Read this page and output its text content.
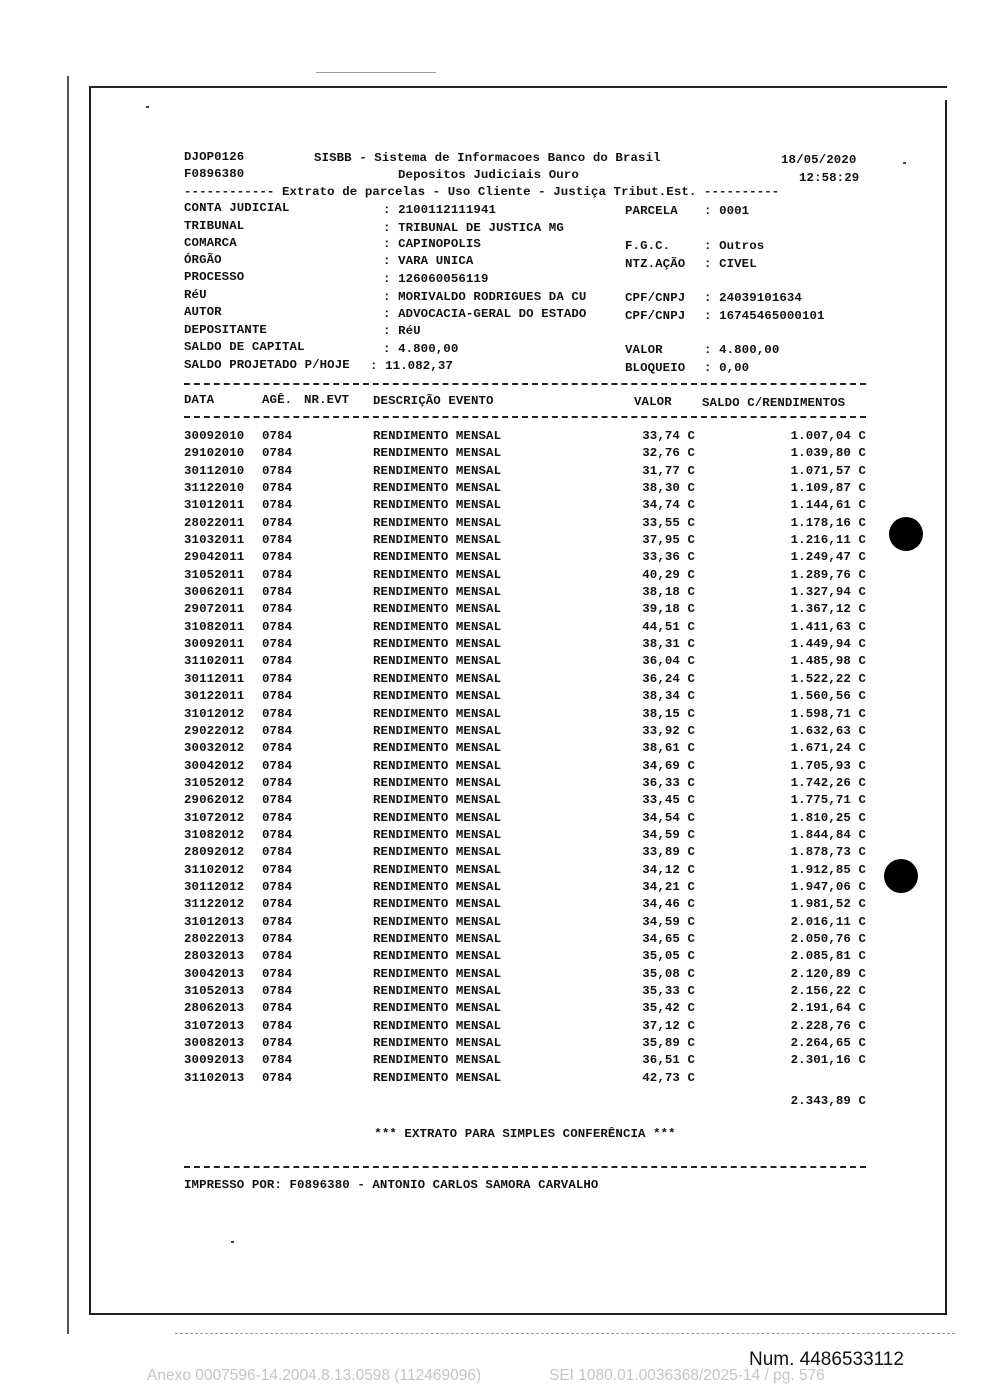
DJOP0126	SISBB - Sistema de Informacoes Banco do Brasil	18/05/2020
F0896380	Depositos Judiciais Ouro	12:58:29
------------ Extrato de parcelas - Uso Cliente - Justiça Tribut.Est. ----------
CONTA JUDICIAL	: 2100112111941	PARCELA : 0001
TRIBUNAL	: TRIBUNAL DE JUSTICA MG
COMARCA	: CAPINOPOLIS	F.G.C.	: Outros
ÓRGÃO	: VARA UNICA	NTZ.AÇÃO : CIVEL
PROCESSO	: 126060056119
RéU	: MORIVALDO RODRIGUES DA CU	CPF/CNPJ : 24039101634
AUTOR	: ADVOCACIA-GERAL DO ESTADO	CPF/CNPJ : 16745465000101
DEPOSITANTE	: RéU
SALDO DE CAPITAL	: 4.800,00	VALOR	: 4.800,00
SALDO PROJETADO P/HOJE : 11.082,37	BLOQUEIO : 0,00
DATA	AGÊ. NR.EVT DESCRIÇÃO EVENTO	VALOR SALDO C/RENDIMENTOS
30092010 0784	RENDIMENTO MENSAL	33,74 C	1.007,04 C
29102010 0784	RENDIMENTO MENSAL	32,76 C	1.039,80 C
30112010 0784	RENDIMENTO MENSAL	31,77 C	1.071,57 C
31122010 0784	RENDIMENTO MENSAL	38,30 C	1.109,87 C
31012011 0784	RENDIMENTO MENSAL	34,74 C	1.144,61 C
28022011 0784	RENDIMENTO MENSAL	33,55 C	1.178,16 C
31032011 0784	RENDIMENTO MENSAL	37,95 C	1.216,11 C
29042011 0784	RENDIMENTO MENSAL	33,36 C	1.249,47 C
31052011 0784	RENDIMENTO MENSAL	40,29 C	1.289,76 C
30062011 0784	RENDIMENTO MENSAL	38,18 C	1.327,94 C
29072011 0784	RENDIMENTO MENSAL	39,18 C	1.367,12 C
31082011 0784	RENDIMENTO MENSAL	44,51 C	1.411,63 C
30092011 0784	RENDIMENTO MENSAL	38,31 C	1.449,94 C
31102011 0784	RENDIMENTO MENSAL	36,04 C	1.485,98 C
30112011 0784	RENDIMENTO MENSAL	36,24 C	1.522,22 C
30122011 0784	RENDIMENTO MENSAL	38,34 C	1.560,56 C
31012012 0784	RENDIMENTO MENSAL	38,15 C	1.598,71 C
29022012 0784	RENDIMENTO MENSAL	33,92 C	1.632,63 C
30032012 0784	RENDIMENTO MENSAL	38,61 C	1.671,24 C
30042012 0784	RENDIMENTO MENSAL	34,69 C	1.705,93 C
31052012 0784	RENDIMENTO MENSAL	36,33 C	1.742,26 C
29062012 0784	RENDIMENTO MENSAL	33,45 C	1.775,71 C
31072012 0784	RENDIMENTO MENSAL	34,54 C	1.810,25 C
31082012 0784	RENDIMENTO MENSAL	34,59 C	1.844,84 C
28092012 0784	RENDIMENTO MENSAL	33,89 C	1.878,73 C
31102012 0784	RENDIMENTO MENSAL	34,12 C	1.912,85 C
30112012 0784	RENDIMENTO MENSAL	34,21 C	1.947,06 C
31122012 0784	RENDIMENTO MENSAL	34,46 C	1.981,52 C
31012013 0784	RENDIMENTO MENSAL	34,59 C	2.016,11 C
28022013 0784	RENDIMENTO MENSAL	34,65 C	2.050,76 C
28032013 0784	RENDIMENTO MENSAL	35,05 C	2.085,81 C
30042013 0784	RENDIMENTO MENSAL	35,08 C	2.120,89 C
31052013 0784	RENDIMENTO MENSAL	35,33 C	2.156,22 C
28062013 0784	RENDIMENTO MENSAL	35,42 C	2.191,64 C
31072013 0784	RENDIMENTO MENSAL	37,12 C	2.228,76 C
30082013 0784	RENDIMENTO MENSAL	35,89 C	2.264,65 C
30092013 0784	RENDIMENTO MENSAL	36,51 C	2.301,16 C
31102013 0784	RENDIMENTO MENSAL	42,73 C
2.343,89 C
*** EXTRATO PARA SIMPLES CONFERÊNCIA ***
IMPRESSO POR: F0896380 - ANTONIO CARLOS SAMORA CARVALHO
Num. 4486533112
Anexo 0007596-14.2004.8.13.0598 (112469096)	SEI 1080.01.0036368/2025-14 / pg. 576
